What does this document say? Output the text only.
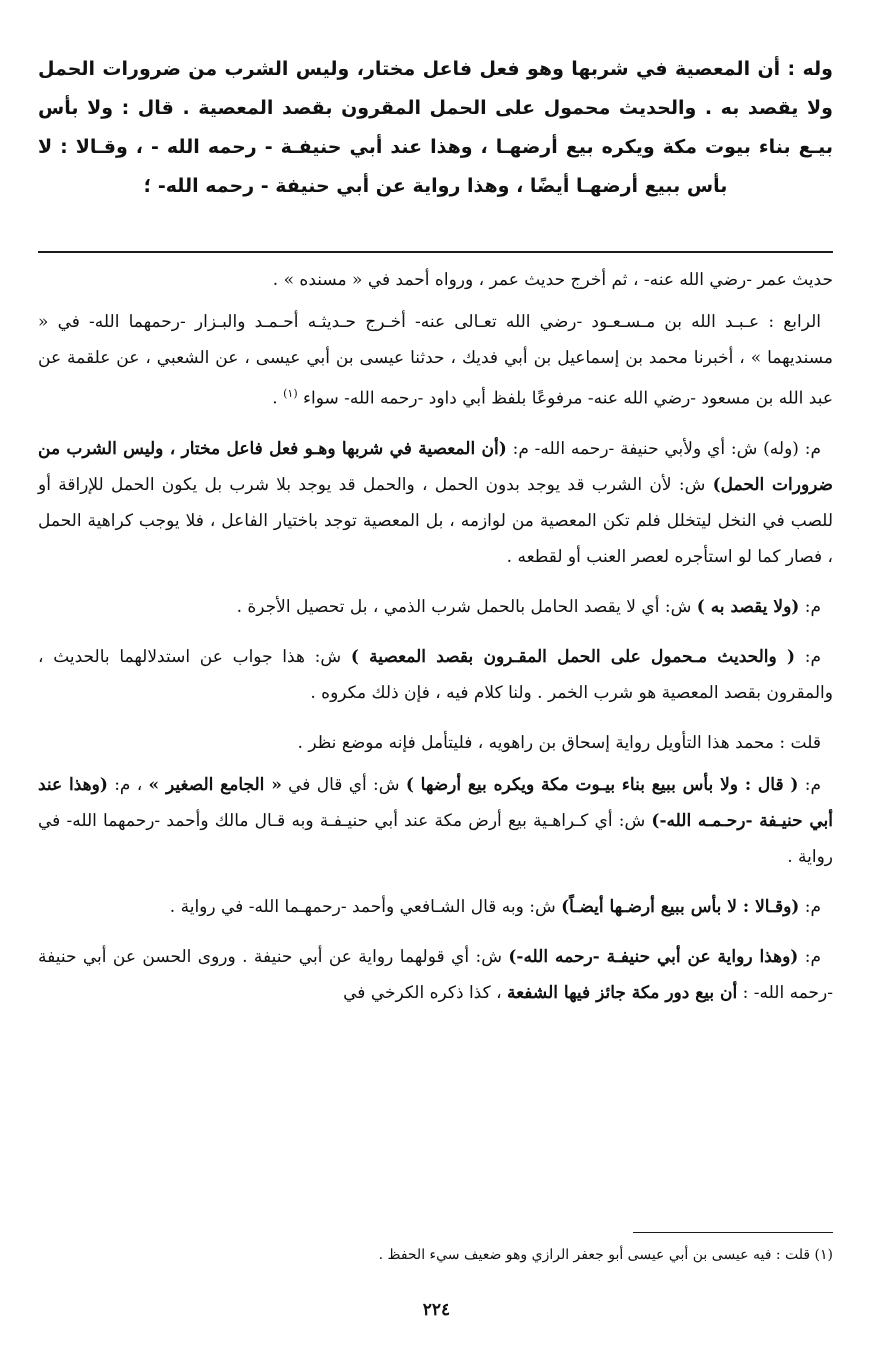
وله : أن المعصية في شربها وهو فعل فاعل مختار، وليس الشرب من ضرورات الحمل ولا يقصد به . والحديث محمول على الحمل المقرون بقصد المعصية . قال : ولا بأس بيـع بناء بيوت مكة ويكره بيع أرضهـا ، وهذا عند أبي حنيفـة - رحمه الله - ، وقـالا : لا بأس ببيع أرضهـا أيضًا ، وهذا رواية عن أبي حنيفة - رحمه الله- ؛

حديث عمر -رضي الله عنه- ، ثم أخرج حديث عمر ، ورواه أحمد في « مسنده » .

الرابع : عـبـد الله بن مـسـعـود -رضي الله تعـالى عنه- أخـرج حـديثـه أحـمـد والبـزار -رحمهما الله- في « مسنديهما » ، أخبرنا محمد بن إسماعيل بن أبي فديك ، حدثنا عيسى بن أبي عيسى ، عن الشعبي ، عن علقمة عن عبد الله بن مسعود -رضي الله عنه- مرفوعًا بلفظ أبي داود -رحمه الله- سواء $^{(١)}$ .

م: (وله) ش: أي ولأبي حنيفة -رحمه الله- م: (أن المعصية في شربها وهـو فعل فاعل مختار ، وليس الشرب من ضرورات الحمل) ش: لأن الشرب قد يوجد بدون الحمل ، والحمل قد يوجد بلا شرب بل يكون الحمل للإراقة أو للصب في النخل ليتخلل فلم تكن المعصية من لوازمه ، بل المعصية توجد باختيار الفاعل ، فلا يوجب كراهية الحمل ، فصار كما لو استأجره لعصر العنب أو لقطعه .

م: (ولا يقصد به ) ش: أي لا يقصد الحامل بالحمل شرب الذمي ، بل تحصيل الأجرة .

م: ( والحديث مـحمول على الحمل المقـرون بقصد المعصية ) ش: هذا جواب عن استدلالهما بالحديث ، والمقرون بقصد المعصية هو شرب الخمر . ولنا كلام فيه ، فإن ذلك مكروه .

قلت : محمد هذا التأويل رواية إسحاق بن راهويه ، فليتأمل فإنه موضع نظر .

م: ( قال : ولا بأس ببيع بناء بيـوت مكة ويكره بيع أرضها ) ش: أي قال في « الجامع الصغير » ، م: (وهذا عند أبي حنيـفة -رحـمـه الله-) ش: أي كـراهـية بيع أرض مكة عند أبي حنيـفـة وبه قـال مالك وأحمد -رحمهما الله- في رواية .

م: (وقـالا : لا بأس ببيع أرضـها أيضـاً) ش: وبه قال الشـافعي وأحمد -رحمهـما الله- في رواية .

م: (وهذا رواية عن أبي حنيفـة -رحمه الله-) ش: أي قولهما رواية عن أبي حنيفة . وروى الحسن عن أبي حنيفة -رحمه الله- : أن بيع دور مكة جائز فيها الشفعة ، كذا ذكره الكرخي في

(١) قلت : فيه عيسى بن أبي عيسى أبو جعفر الرازي وهو ضعيف سيء الحفظ .
٢٢٤
